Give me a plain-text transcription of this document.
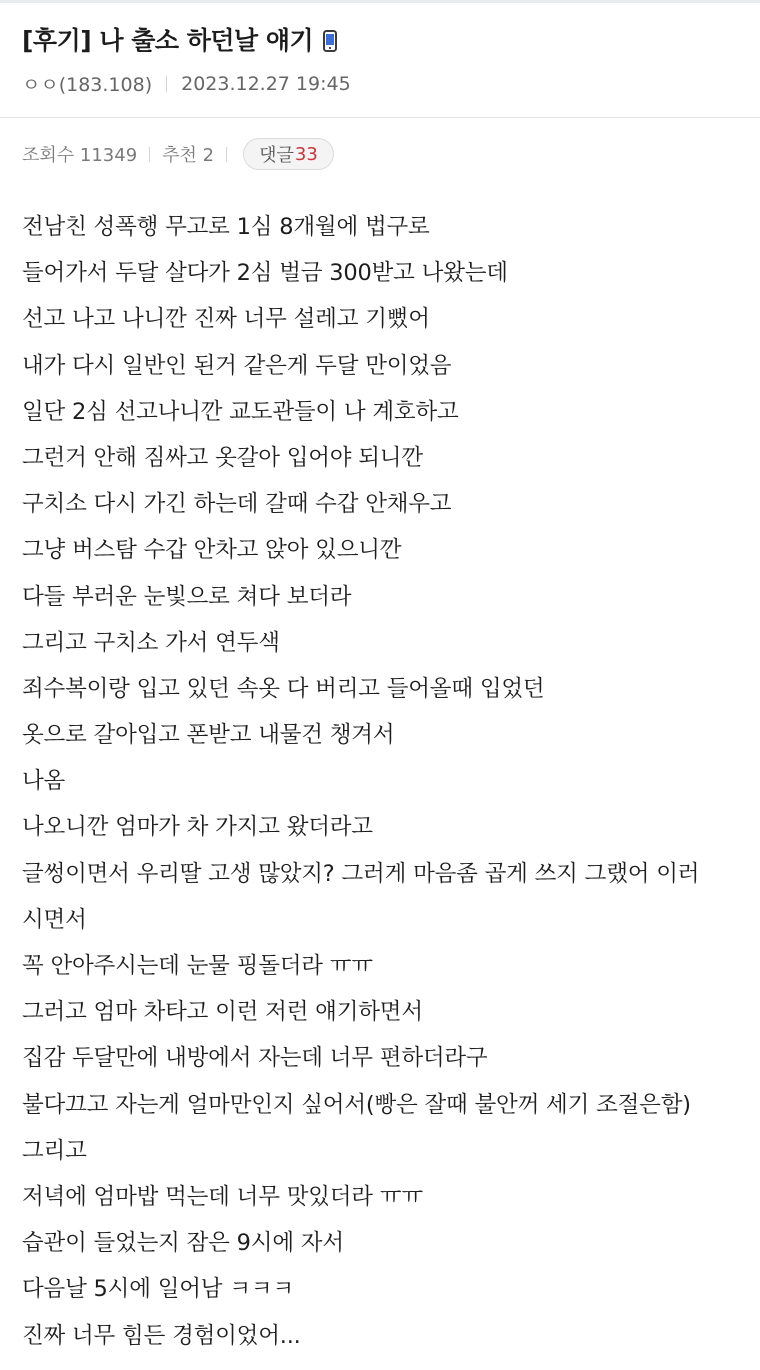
[후기] 나 출소 하던날 얘기
ㅇㅇ(183.108) 2023.12.27 19:45
조회수 11349 추천 2	댓글 33
전남친 성폭행 무고로 1심 8개월에 법구로
들어가서 두달 살다가 2심 벌금 300받고 나왔는데
선고 나고 나니깐 진짜 너무 설레고 기뻤어
내가 다시 일반인 된거 같은게 두달 만이었음
일단 2심 선고나니깐 교도관들이 나 계호하고
그런거 안해 짐싸고 옷갈아 입어야 되니깐
구치소 다시 가긴 하는데 갈때 수갑 안채우고
그냥 버스탐 수갑 안차고 앉아 있으니깐
다들 부러운 눈빛으로 쳐다 보더라
그리고 구치소 가서 연두색
죄수복이랑 입고 있던 속옷 다 버리고 들어올때 입었던
옷으로 갈아입고 폰받고 내물건 챙겨서
나옴
나오니깐 엄마가 차 가지고 왔더라고
글썽이면서 우리딸 고생 많았지? 그러게 마음좀 곱게 쓰지 그랬어 이러
시면서
꼭 안아주시는데 눈물 핑돌더라 ㅠㅠ
그러고 엄마 차타고 이런 저런 얘기하면서
집감 두달만에 내방에서 자는데 너무 편하더라구
불다끄고 자는게 얼마만인지 싶어서(빵은 잘때 불안꺼 세기 조절은함)
그리고
저녁에 엄마밥 먹는데 너무 맛있더라 ㅠㅠ
습관이 들었는지 잠은 9시에 자서
다음날 5시에 일어남 ㅋㅋㅋ
진짜 너무 힘든 경험이었어...
